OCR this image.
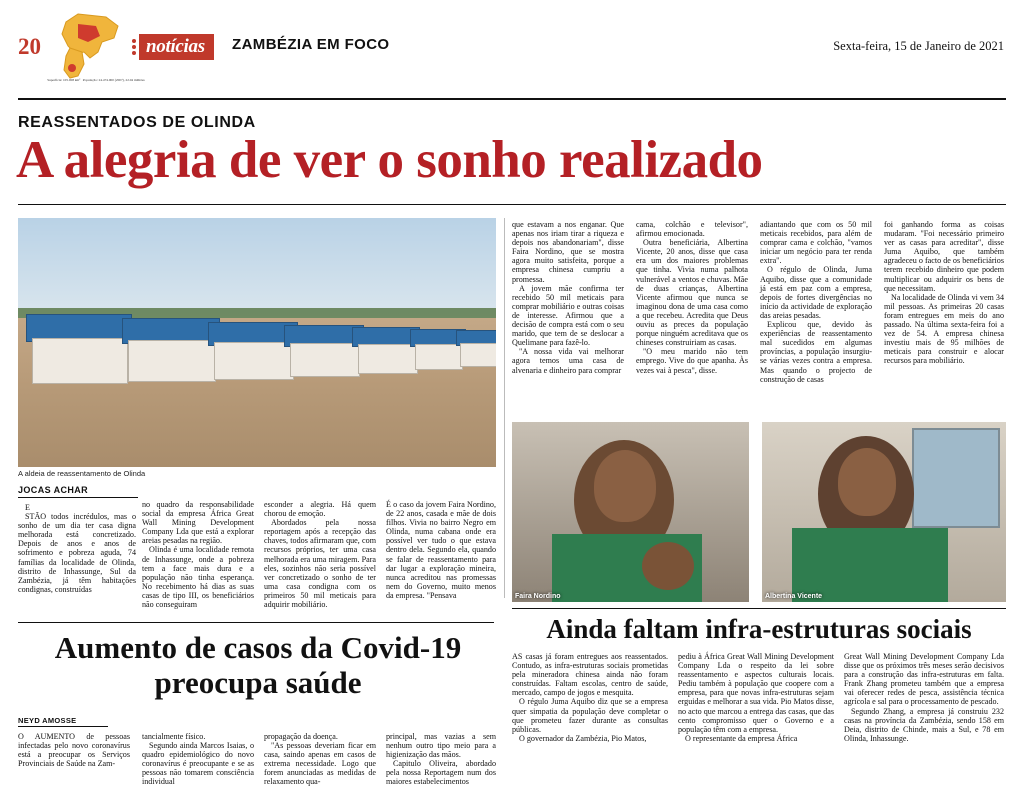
20
Superfície: 105.008 km²   População: 24.474.000 (2007), 22.04 milhões
notícias	ZAMBÉZIA EM FOCO	Sexta-feira, 15 de Janeiro de 2021
REASSENTADOS DE OLINDA
A alegria de ver o sonho realizado
A aldeia de reassentamento de Olinda
JOCAS ACHAR

E

STÃO todos incrédulos, mas o sonho de um dia ter casa digna melhorada está concretizado. Depois de anos e anos de sofrimento e pobreza aguda, 74 famílias da localidade de Olinda, distrito de Inhassunge, Sul da Zambézia, já têm habitações condignas, construídas

no quadro da responsabilidade social da empresa África Great Wall Mining Development Company Lda que está a explorar areias pesadas na região.

Olinda é uma localidade remota de Inhassunge, onde a pobreza tem a face mais dura e a população não tinha esperança. No recebimento há dias as suas casas de tipo III, os beneficiários não conseguiram

esconder a alegria. Há quem chorou de emoção.

Abordados pela nossa reportagem após a recepção das chaves, todos afirmaram que, com recursos próprios, ter uma casa melhorada era uma miragem. Para eles, sozinhos não seria possível ver concretizado o sonho de ter uma casa condigna com os primeiros 50 mil meticais para adquirir mobiliário.

É o caso da jovem Faira Nordino, de 22 anos, casada e mãe de dois filhos. Vivia no bairro Negro em Olinda, numa cabana onde era possível ver tudo o que estava dentro dela. Segundo ela, quando se falar de reassentamento para dar lugar a exploração mineira, nunca acreditou nas promessas nem do Governo, muito menos da empresa. "Pensava

que estavam a nos enganar. Que apenas nos iriam tirar a riqueza e depois nos abandonariam", disse Faira Nordino, que se mostra agora muito satisfeita, porque a empresa chinesa cumpriu a promessa.

A jovem mãe confirma ter recebido 50 mil meticais para comprar mobiliário e outras coisas de interesse. Afirmou que a decisão de compra está com o seu marido, que tem de se deslocar a Quelimane para fazê-lo.

"A nossa vida vai melhorar agora temos uma casa de alvenaria e dinheiro para comprar

cama, colchão e televisor", afirmou emocionada.

Outra beneficiária, Albertina Vicente, 20 anos, disse que casa era um dos maiores problemas que tinha. Vivia numa palhota vulnerável a ventos e chuvas. Mãe de duas crianças, Albertina Vicente afirmou que nunca se imaginou dona de uma casa como a que recebeu. Acredita que Deus ouviu as preces da população porque ninguém acreditava que os chineses construiriam as casas.

"O meu marido não tem emprego. Vive do que apanha. Às vezes vai à pesca", disse.

adiantando que com os 50 mil meticais recebidos, para além de comprar cama e colchão, "vamos iniciar um negócio para ter renda extra".

O régulo de Olinda, Juma Aquibo, disse que a comunidade já está em paz com a empresa, depois de fortes divergências no início da actividade de exploração das areias pesadas.

Explicou que, devido às experiências de reassentamento mal sucedidos em algumas províncias, a população insurgiu-se várias vezes contra a empresa. Mas quando o projecto de construção de casas

foi ganhando forma as coisas mudaram. "Foi necessário primeiro ver as casas para acreditar", disse Juma Aquibo, que também agradeceu o facto de os beneficiários terem recebido dinheiro que podem multiplicar ou adquirir os bens de que necessitam.

Na localidade de Olinda vi vem 34 mil pessoas. As primeiras 20 casas foram entregues em meis do ano passado. Na última sexta-feira foi a vez de 54. A empresa chinesa investiu mais de 95 milhões de meticais para construir e alocar recursos para mobiliário.

Faira Nordino	Albertina Vicente
Aumento de casos da Covid-19 preocupa saúde
NEYD AMOSSE
O AUMENTO de pessoas infectadas pelo novo coronavírus está a preocupar os Serviços Provinciais de Saúde na Zam-

tancialmente físico.

Segundo ainda Marcos Isaias, o quadro epidemiológico do novo coronavírus é preocupante e se as pessoas não tomarem consciência individual

propagação da doença.

"As pessoas deveriam ficar em casa, saindo apenas em casos de extrema necessidade. Logo que forem anunciadas as medidas de relaxamento qua-

principal, mas vazias a sem nenhum outro tipo meio para a higienização das mãos.

Capitulo Oliveira, abordado pela nossa Reportagem num dos maiores estabelecimentos

Ainda faltam infra-estruturas sociais

AS casas já foram entregues aos reassentados. Contudo, as infra-estruturas sociais prometidas pela mineradora chinesa ainda não foram construídas. Faltam escolas, centro de saúde, mercado, campo de jogos e mesquita.

O régulo Juma Aquibo diz que se a empresa quer simpatia da população deve completar o que prometeu fazer durante as consultas públicas.

O governador da Zambézia, Pio Matos,

pediu à África Great Wall Mining Development Company Lda o respeito da lei sobre reassentamento e aspectos culturais locais. Pediu também à população que coopere com a empresa, para que novas infra-estruturas sejam erguidas e melhorar a sua vida. Pio Matos disse, no acto que marcou a entrega das casas, que das cento compromisso quer o Governo e a população têm com a empresa.

O representante da empresa África

Great Wall Mining Development Company Lda disse que os próximos três meses serão decisivos para a construção das infra-estruturas em falta. Frank Zhang prometeu também que a empresa vai oferecer redes de pesca, assistência técnica agrícola e sal para o processamento de pescado.

Segundo Zhang, a empresa já construiu 232 casas na província da Zambézia, sendo 158 em Deia, distrito de Chinde, mais a Sul, e 78 em Olinda, Inhassunge.
